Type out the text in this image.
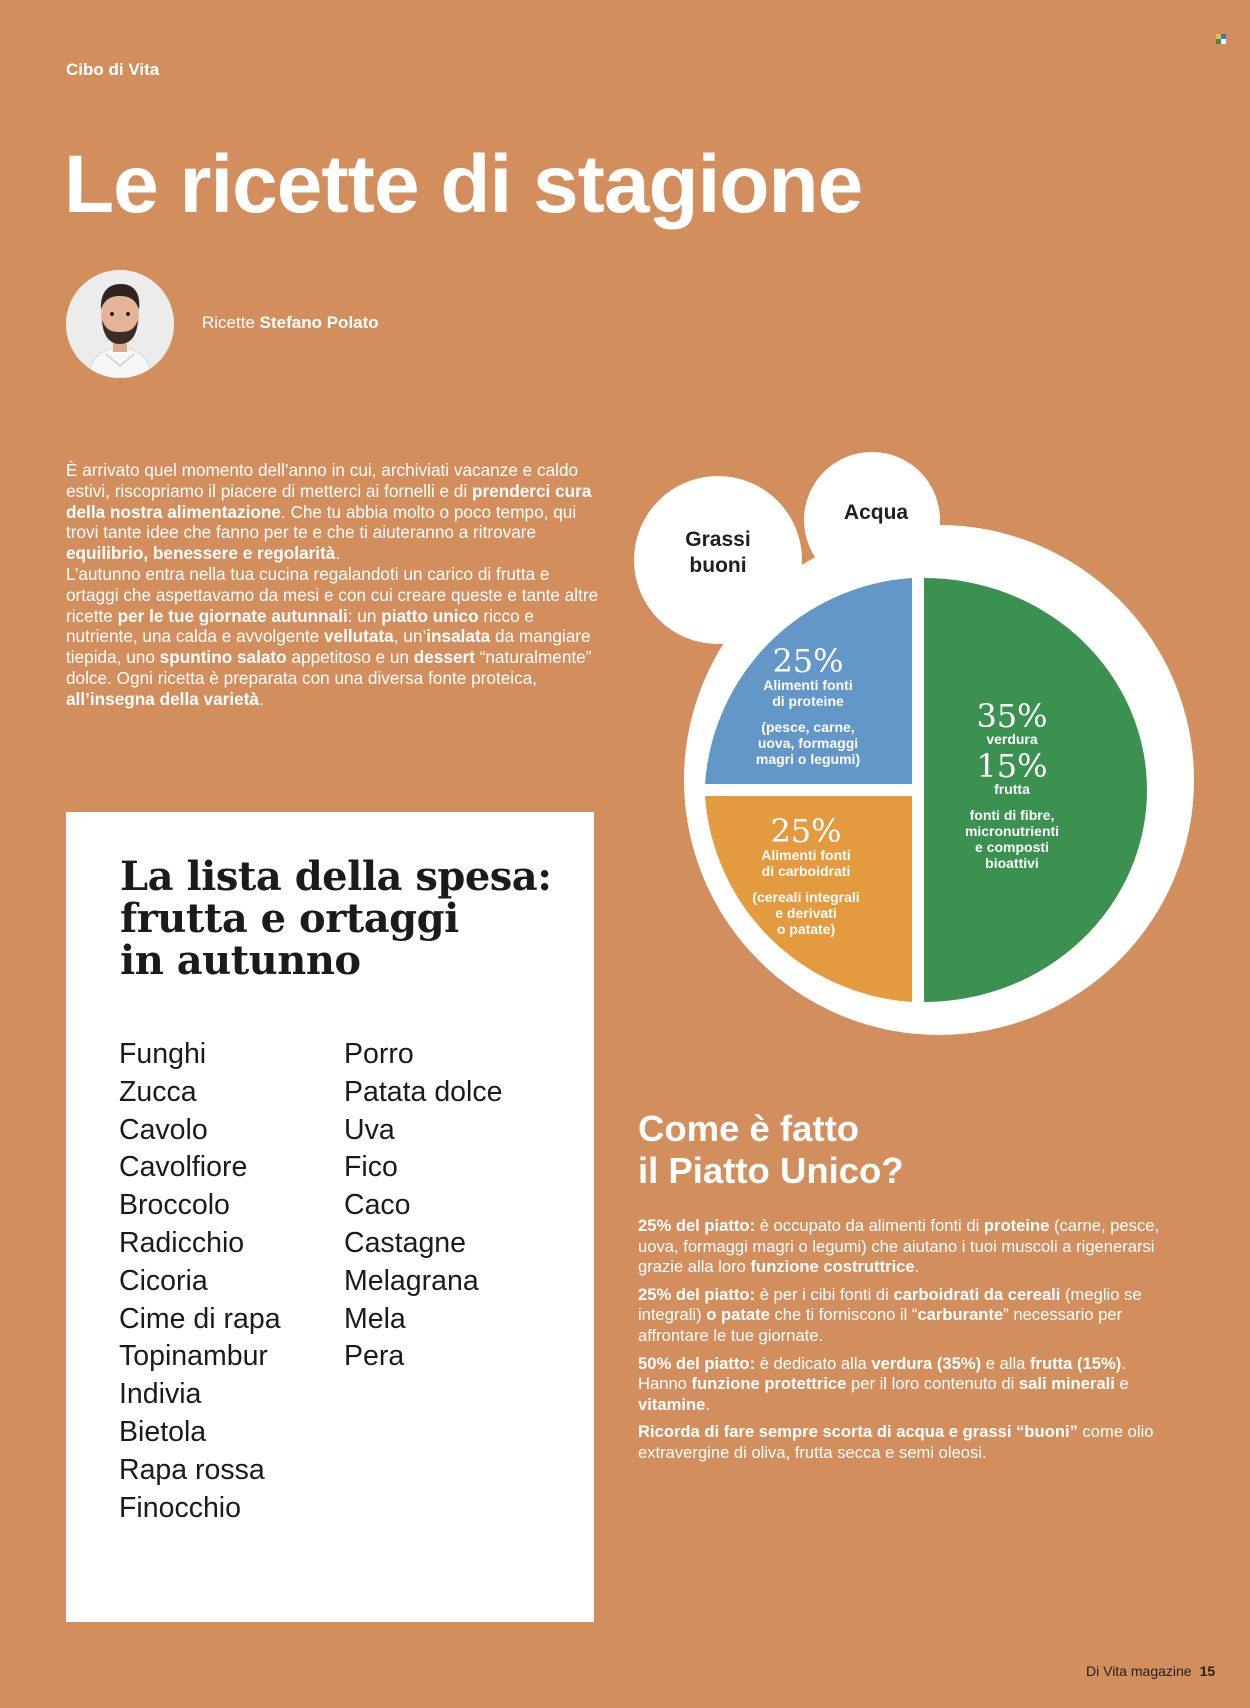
Cibo di Vita
Le ricette di stagione
Ricette Stefano Polato

È arrivato quel momento dell’anno in cui, archiviati vacanze e caldo estivi, riscopriamo il piacere di metterci ai fornelli e di prenderci cura della nostra alimentazione. Che tu abbia molto o poco tempo, qui trovi tante idee che fanno per te e che ti aiuteranno a ritrovare equilibrio, benessere e regolarità.

L’autunno entra nella tua cucina regalandoti un carico di frutta e ortaggi che aspettavamo da mesi e con cui creare queste e tante altre ricette per le tue giornate autunnali: un piatto unico ricco e nutriente, una calda e avvolgente vellutata, un’insalata da mangiare tiepida, uno spuntino salato appetitoso e un dessert “naturalmente” dolce. Ogni ricetta è preparata con una diversa fonte proteica, all’insegna della varietà.

La lista della spesa:
frutta e ortaggi
in autunno
Funghi
Zucca
Cavolo
Cavolfiore
Broccolo
Radicchio
Cicoria
Cime di rapa
Topinambur
Indivia
Bietola
Rapa rossa
Finocchio
Porro
Patata dolce
Uva
Fico
Caco
Castagne
Melagrana
Mela
Pera
Grassi
buoni
Acqua
25%
Alimenti fonti
di proteine
(pesce, carne,
uova, formaggi
magri o legumi)
25%
Alimenti fonti
di carboidrati
(cereali integrali
e derivati
o patate)
35%
verdura
15%
frutta
fonti di fibre,
micronutrienti
e composti
bioattivi
Come è fatto
il Piatto Unico?

25% del piatto: è occupato da alimenti fonti di proteine (carne, pesce, uova, formaggi magri o legumi) che aiutano i tuoi muscoli a rigenerarsi grazie alla loro funzione costruttrice.

25% del piatto: è per i cibi fonti di carboidrati da cereali (meglio se integrali) o patate che ti forniscono il “carburante” necessario per affrontare le tue giornate.

50% del piatto: è dedicato alla verdura (35%) e alla frutta (15%). Hanno funzione protettrice per il loro contenuto di sali minerali e vitamine.

Ricorda di fare sempre scorta di acqua e grassi “buoni” come olio extravergine di oliva, frutta secca e semi oleosi.

Di Vita magazine 15
